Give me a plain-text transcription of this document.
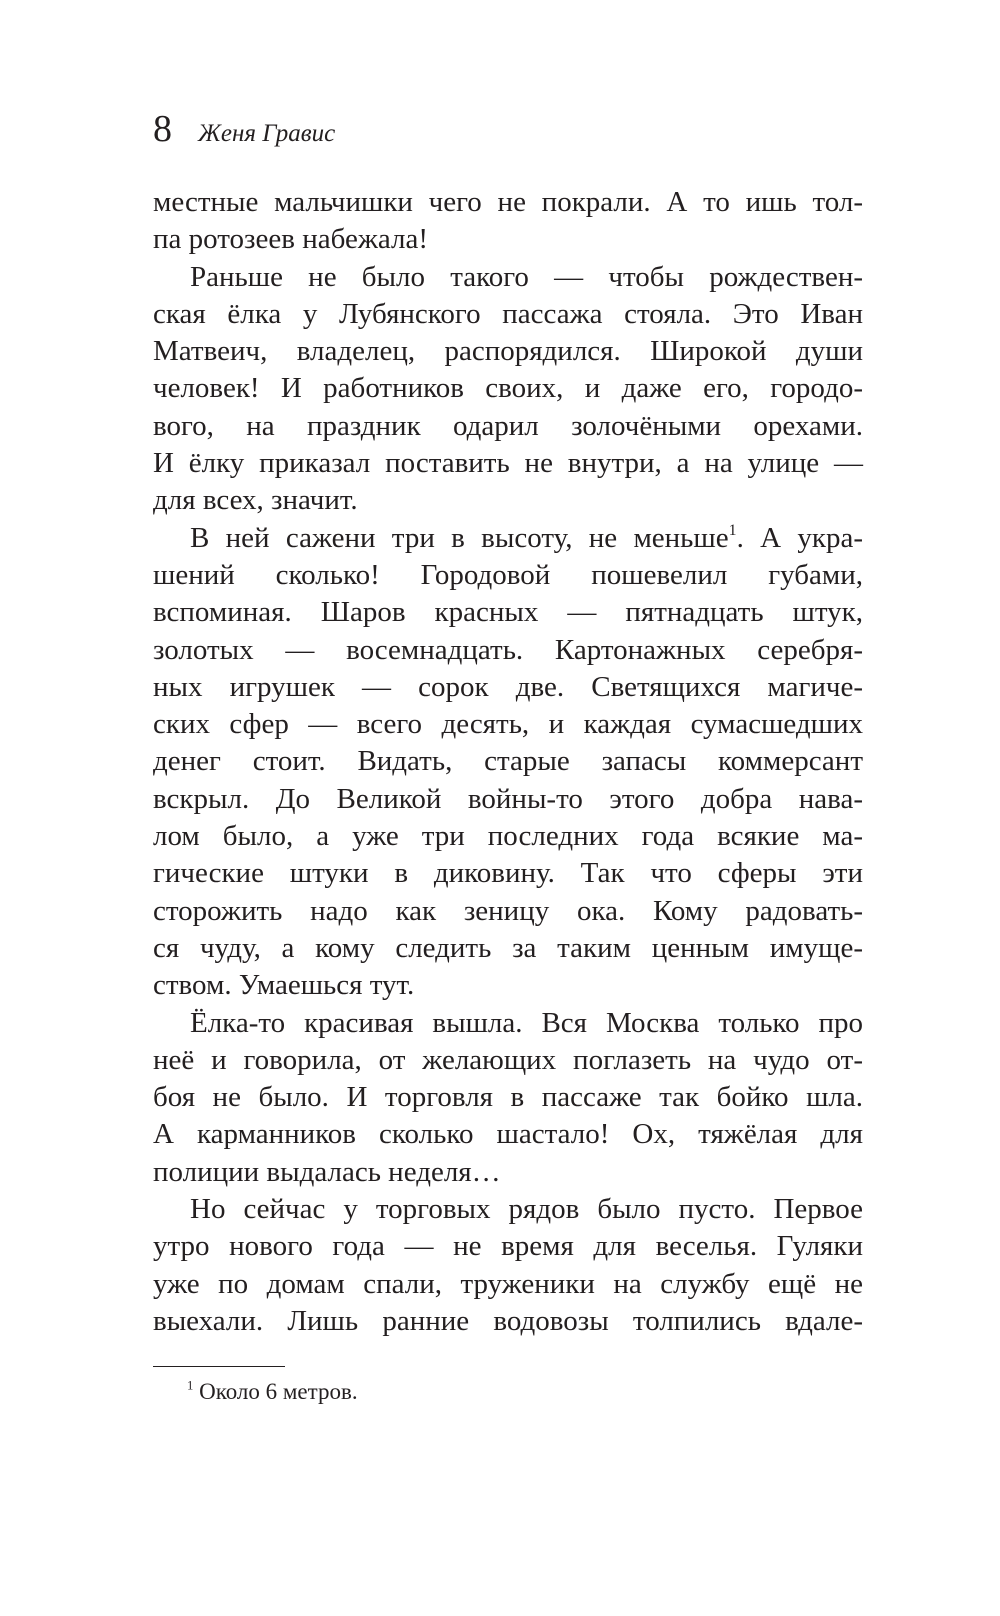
8 Женя Гравис
местные мальчишки чего не покрали. А то ишь тол-
па ротозеев набежала!
Раньше не было такого — чтобы рождествен-
ская ёлка у Лубянского пассажа стояла. Это Иван
Матвеич, владелец, распорядился. Широкой души
человек! И работников своих, и даже его, городо-
вого, на праздник одарил золочёными орехами.
И ёлку приказал поставить не внутри, а на улице —
для всех, значит.
В ней сажени три в высоту, не меньше$^1$. А укра-
шений сколько! Городовой пошевелил губами,
вспоминая. Шаров красных — пятнадцать штук,
золотых — восемнадцать. Картонажных серебря-
ных игрушек — сорок две. Светящихся магиче-
ских сфер — всего десять, и каждая сумасшедших
денег стоит. Видать, старые запасы коммерсант
вскрыл. До Великой войны-то этого добра нава-
лом было, а уже три последних года всякие ма-
гические штуки в диковину. Так что сферы эти
сторожить надо как зеницу ока. Кому радовать-
ся чуду, а кому следить за таким ценным имуще-
ством. Умаешься тут.
Ёлка-то красивая вышла. Вся Москва только про
неё и говорила, от желающих поглазеть на чудо от-
боя не было. И торговля в пассаже так бойко шла.
А карманников сколько шастало! Ох, тяжёлая для
полиции выдалась неделя…
Но сейчас у торговых рядов было пусто. Первое
утро нового года — не время для веселья. Гуляки
уже по домам спали, труженики на службу ещё не
выехали. Лишь ранние водовозы толпились вдале-
$^1$ Около 6 метров.
